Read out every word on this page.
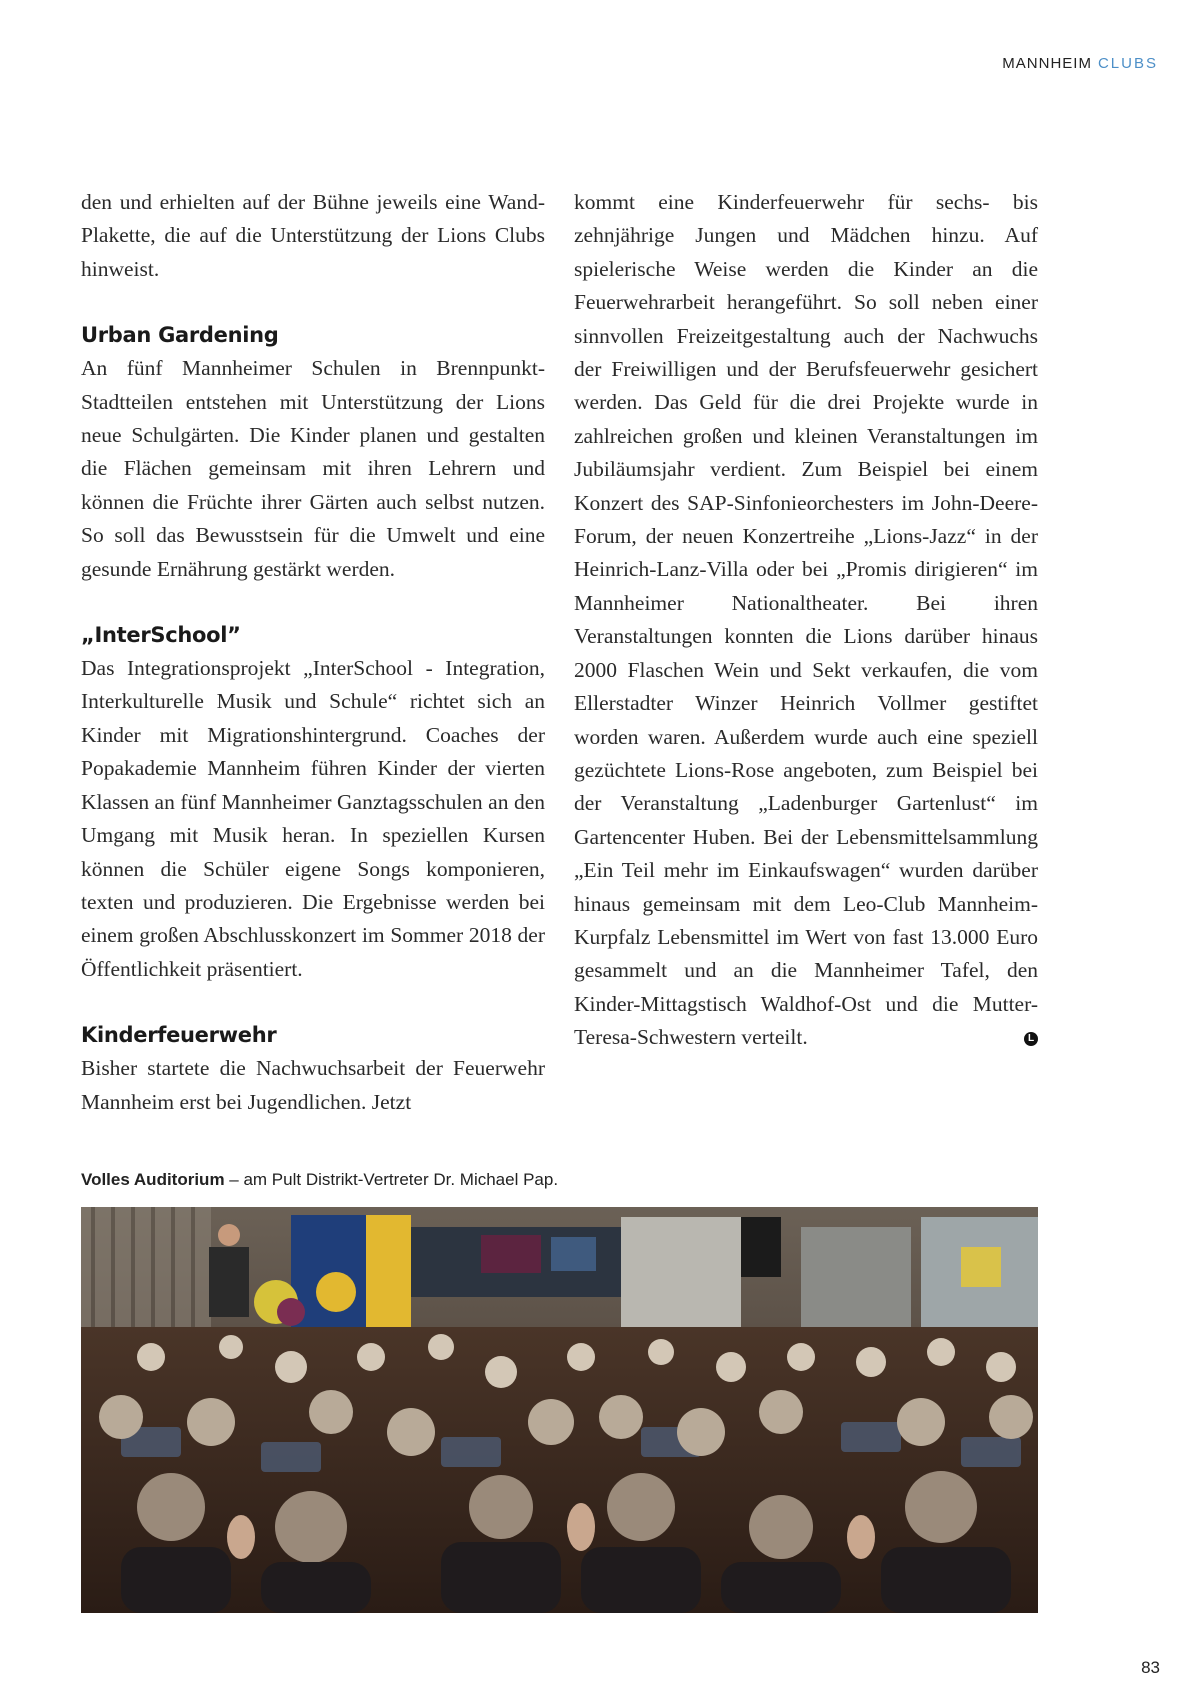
MANNHEIM CLUBS

den und erhielten auf der Bühne jeweils eine Wand-Plakette, die auf die Unterstützung der Lions Clubs hinweist.

Urban Gardening

An fünf Mannheimer Schulen in Brennpunkt-Stadtteilen entstehen mit Unterstützung der Lions neue Schulgärten. Die Kinder planen und gestalten die Flächen gemeinsam mit ihren Lehrern und können die Früchte ihrer Gärten auch selbst nutzen. So soll das Bewusstsein für die Umwelt und eine gesunde Ernährung gestärkt werden.

„InterSchool”

Das Integrationsprojekt „InterSchool - Integration, Interkulturelle Musik und Schule“ richtet sich an Kinder mit Migrationshintergrund. Coaches der Popakademie Mannheim führen Kinder der vierten Klassen an fünf Mannheimer Ganztagsschulen an den Umgang mit Musik heran. In speziellen Kursen können die Schüler eigene Songs komponieren, texten und produzieren. Die Ergebnisse werden bei einem großen Abschlusskonzert im Sommer 2018 der Öffentlichkeit präsentiert.

Kinderfeuerwehr

Bisher startete die Nachwuchsarbeit der Feuerwehr Mannheim erst bei Jugendlichen. Jetzt

kommt eine Kinderfeuerwehr für sechs- bis zehnjährige Jungen und Mädchen hinzu. Auf spielerische Weise werden die Kinder an die Feuerwehrarbeit herangeführt. So soll neben einer sinnvollen Freizeitgestaltung auch der Nachwuchs der Freiwilligen und der Berufsfeuerwehr gesichert werden. Das Geld für die drei Projekte wurde in zahlreichen großen und kleinen Veranstaltungen im Jubiläumsjahr verdient. Zum Beispiel bei einem Konzert des SAP-Sinfonieorchesters im John-Deere-Forum, der neuen Konzertreihe „Lions-Jazz“ in der Heinrich-Lanz-Villa oder bei „Promis dirigieren“ im Mannheimer Nationaltheater. Bei ihren Veranstaltungen konnten die Lions darüber hinaus 2000 Flaschen Wein und Sekt verkaufen, die vom Ellerstadter Winzer Heinrich Vollmer gestiftet worden waren. Außerdem wurde auch eine speziell gezüchtete Lions-Rose angeboten, zum Beispiel bei der Veranstaltung „Ladenburger Gartenlust“ im Gartencenter Huben. Bei der Lebensmittelsammlung „Ein Teil mehr im Einkaufswagen“ wurden darüber hinaus gemeinsam mit dem Leo-Club Mannheim-Kurpfalz Lebensmittel im Wert von fast 13.000 Euro gesammelt und an die Mannheimer Tafel, den Kinder-Mittagstisch Waldhof-Ost und die Mutter-Teresa-Schwestern verteilt.	L

Volles Auditorium – am Pult Distrikt-Vertreter Dr. Michael Pap.
83
